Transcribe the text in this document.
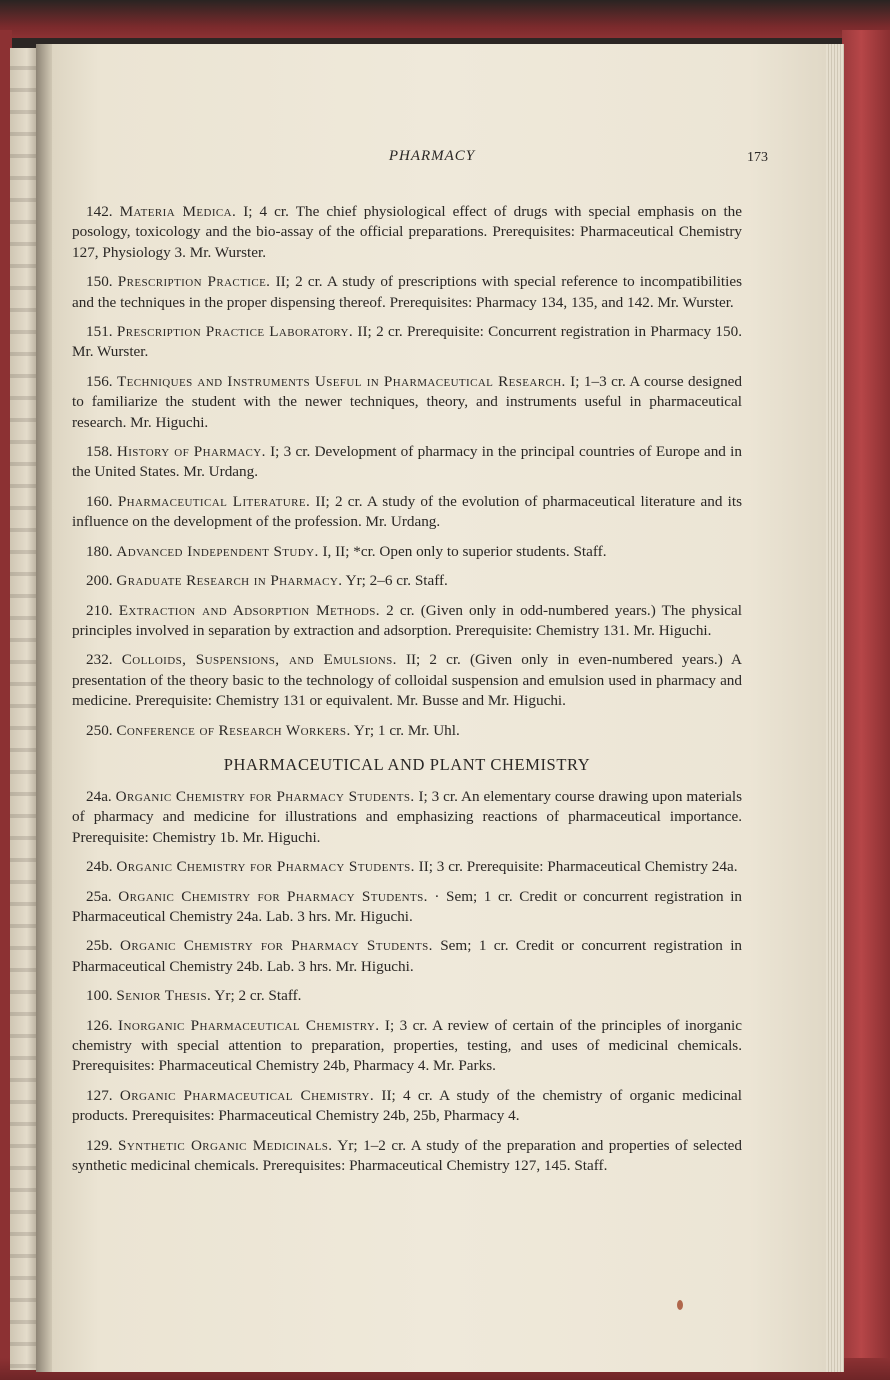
PHARMACY	173

142. Materia Medica. I; 4 cr. The chief physiological effect of drugs with special emphasis on the posology, toxicology and the bio-assay of the official preparations. Prerequisites: Pharmaceutical Chemistry 127, Physiology 3. Mr. Wurster.

150. Prescription Practice. II; 2 cr. A study of prescriptions with special reference to incompatibilities and the techniques in the proper dispensing thereof. Prerequisites: Pharmacy 134, 135, and 142. Mr. Wurster.

151. Prescription Practice Laboratory. II; 2 cr. Prerequisite: Concurrent registration in Pharmacy 150. Mr. Wurster.

156. Techniques and Instruments Useful in Pharmaceutical Research. I; 1–3 cr. A course designed to familiarize the student with the newer techniques, theory, and instruments useful in pharmaceutical research. Mr. Higuchi.

158. History of Pharmacy. I; 3 cr. Development of pharmacy in the principal countries of Europe and in the United States. Mr. Urdang.

160. Pharmaceutical Literature. II; 2 cr. A study of the evolution of pharmaceutical literature and its influence on the development of the profession. Mr. Urdang.

180. Advanced Independent Study. I, II; *cr. Open only to superior students. Staff.

200. Graduate Research in Pharmacy. Yr; 2–6 cr. Staff.

210. Extraction and Adsorption Methods. 2 cr. (Given only in odd-numbered years.) The physical principles involved in separation by extraction and adsorption. Prerequisite: Chemistry 131. Mr. Higuchi.

232. Colloids, Suspensions, and Emulsions. II; 2 cr. (Given only in even-numbered years.) A presentation of the theory basic to the technology of colloidal suspension and emulsion used in pharmacy and medicine. Prerequisite: Chemistry 131 or equivalent. Mr. Busse and Mr. Higuchi.

250. Conference of Research Workers. Yr; 1 cr. Mr. Uhl.

PHARMACEUTICAL AND PLANT CHEMISTRY

24a. Organic Chemistry for Pharmacy Students. I; 3 cr. An elementary course drawing upon materials of pharmacy and medicine for illustrations and emphasizing reactions of pharmaceutical importance. Prerequisite: Chemistry 1b. Mr. Higuchi.

24b. Organic Chemistry for Pharmacy Students. II; 3 cr. Prerequisite: Pharmaceutical Chemistry 24a.

25a. Organic Chemistry for Pharmacy Students. · Sem; 1 cr. Credit or concurrent registration in Pharmaceutical Chemistry 24a. Lab. 3 hrs. Mr. Higuchi.

25b. Organic Chemistry for Pharmacy Students. Sem; 1 cr. Credit or concurrent registration in Pharmaceutical Chemistry 24b. Lab. 3 hrs. Mr. Higuchi.

100. Senior Thesis. Yr; 2 cr. Staff.

126. Inorganic Pharmaceutical Chemistry. I; 3 cr. A review of certain of the principles of inorganic chemistry with special attention to preparation, properties, testing, and uses of medicinal chemicals. Prerequisites: Pharmaceutical Chemistry 24b, Pharmacy 4. Mr. Parks.

127. Organic Pharmaceutical Chemistry. II; 4 cr. A study of the chemistry of organic medicinal products. Prerequisites: Pharmaceutical Chemistry 24b, 25b, Pharmacy 4.

129. Synthetic Organic Medicinals. Yr; 1–2 cr. A study of the preparation and properties of selected synthetic medicinal chemicals. Prerequisites: Pharmaceutical Chemistry 127, 145. Staff.
